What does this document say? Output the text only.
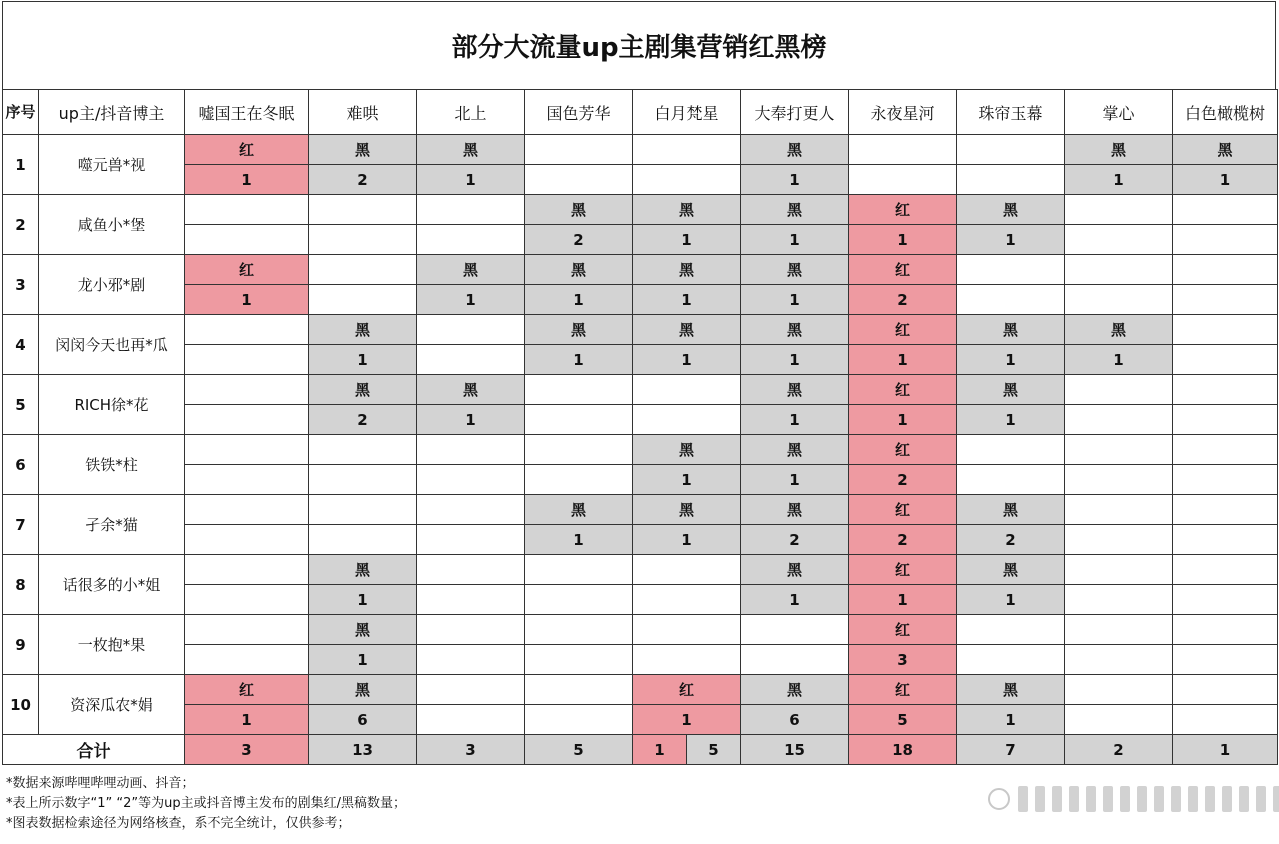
部分大流量up主剧集营销红黑榜
序号	up主/抖音博主	嘘国王在冬眠	难哄	北上	国色芳华	白月梵星	大奉打更人	永夜星河	珠帘玉幕	掌心	白色橄榄树
1	噬元兽*视	红	黑	黑			黑			黑	黑
		1	2	1			1			1	1
2	咸鱼小*堡				黑	黑	黑	红	黑		
					2	1	1	1	1		
3	龙小邪*剧	红		黑	黑	黑	黑	红			
		1		1	1	1	1	2			
4	闵闵今天也再*瓜		黑		黑	黑	黑	红	黑	黑	
			1		1	1	1	1	1	1	
5	RICH徐*花		黑	黑			黑	红	黑		
			2	1			1	1	1		
6	铁铁*柱					黑	黑	红			
						1	1	2			
7	孑余*猫				黑	黑	黑	红	黑		
					1	1	2	2	2		
8	话很多的小*姐		黑				黑	红	黑		
			1				1	1	1		
9	一枚抱*果		黑					红			
			1					3			
10	资深瓜农*娟	红	黑			红	黑	红	黑		
		1	6			1	6	5	1		
合计		3	13	3	5	1 5	15	18	7	2	1
*数据来源哔哩哔哩动画、抖音；
*表上所示数字“1” “2”等为up主或抖音博主发布的剧集红/黑稿数量；
*图表数据检索途径为网络核查，系不完全统计，仅供参考；
